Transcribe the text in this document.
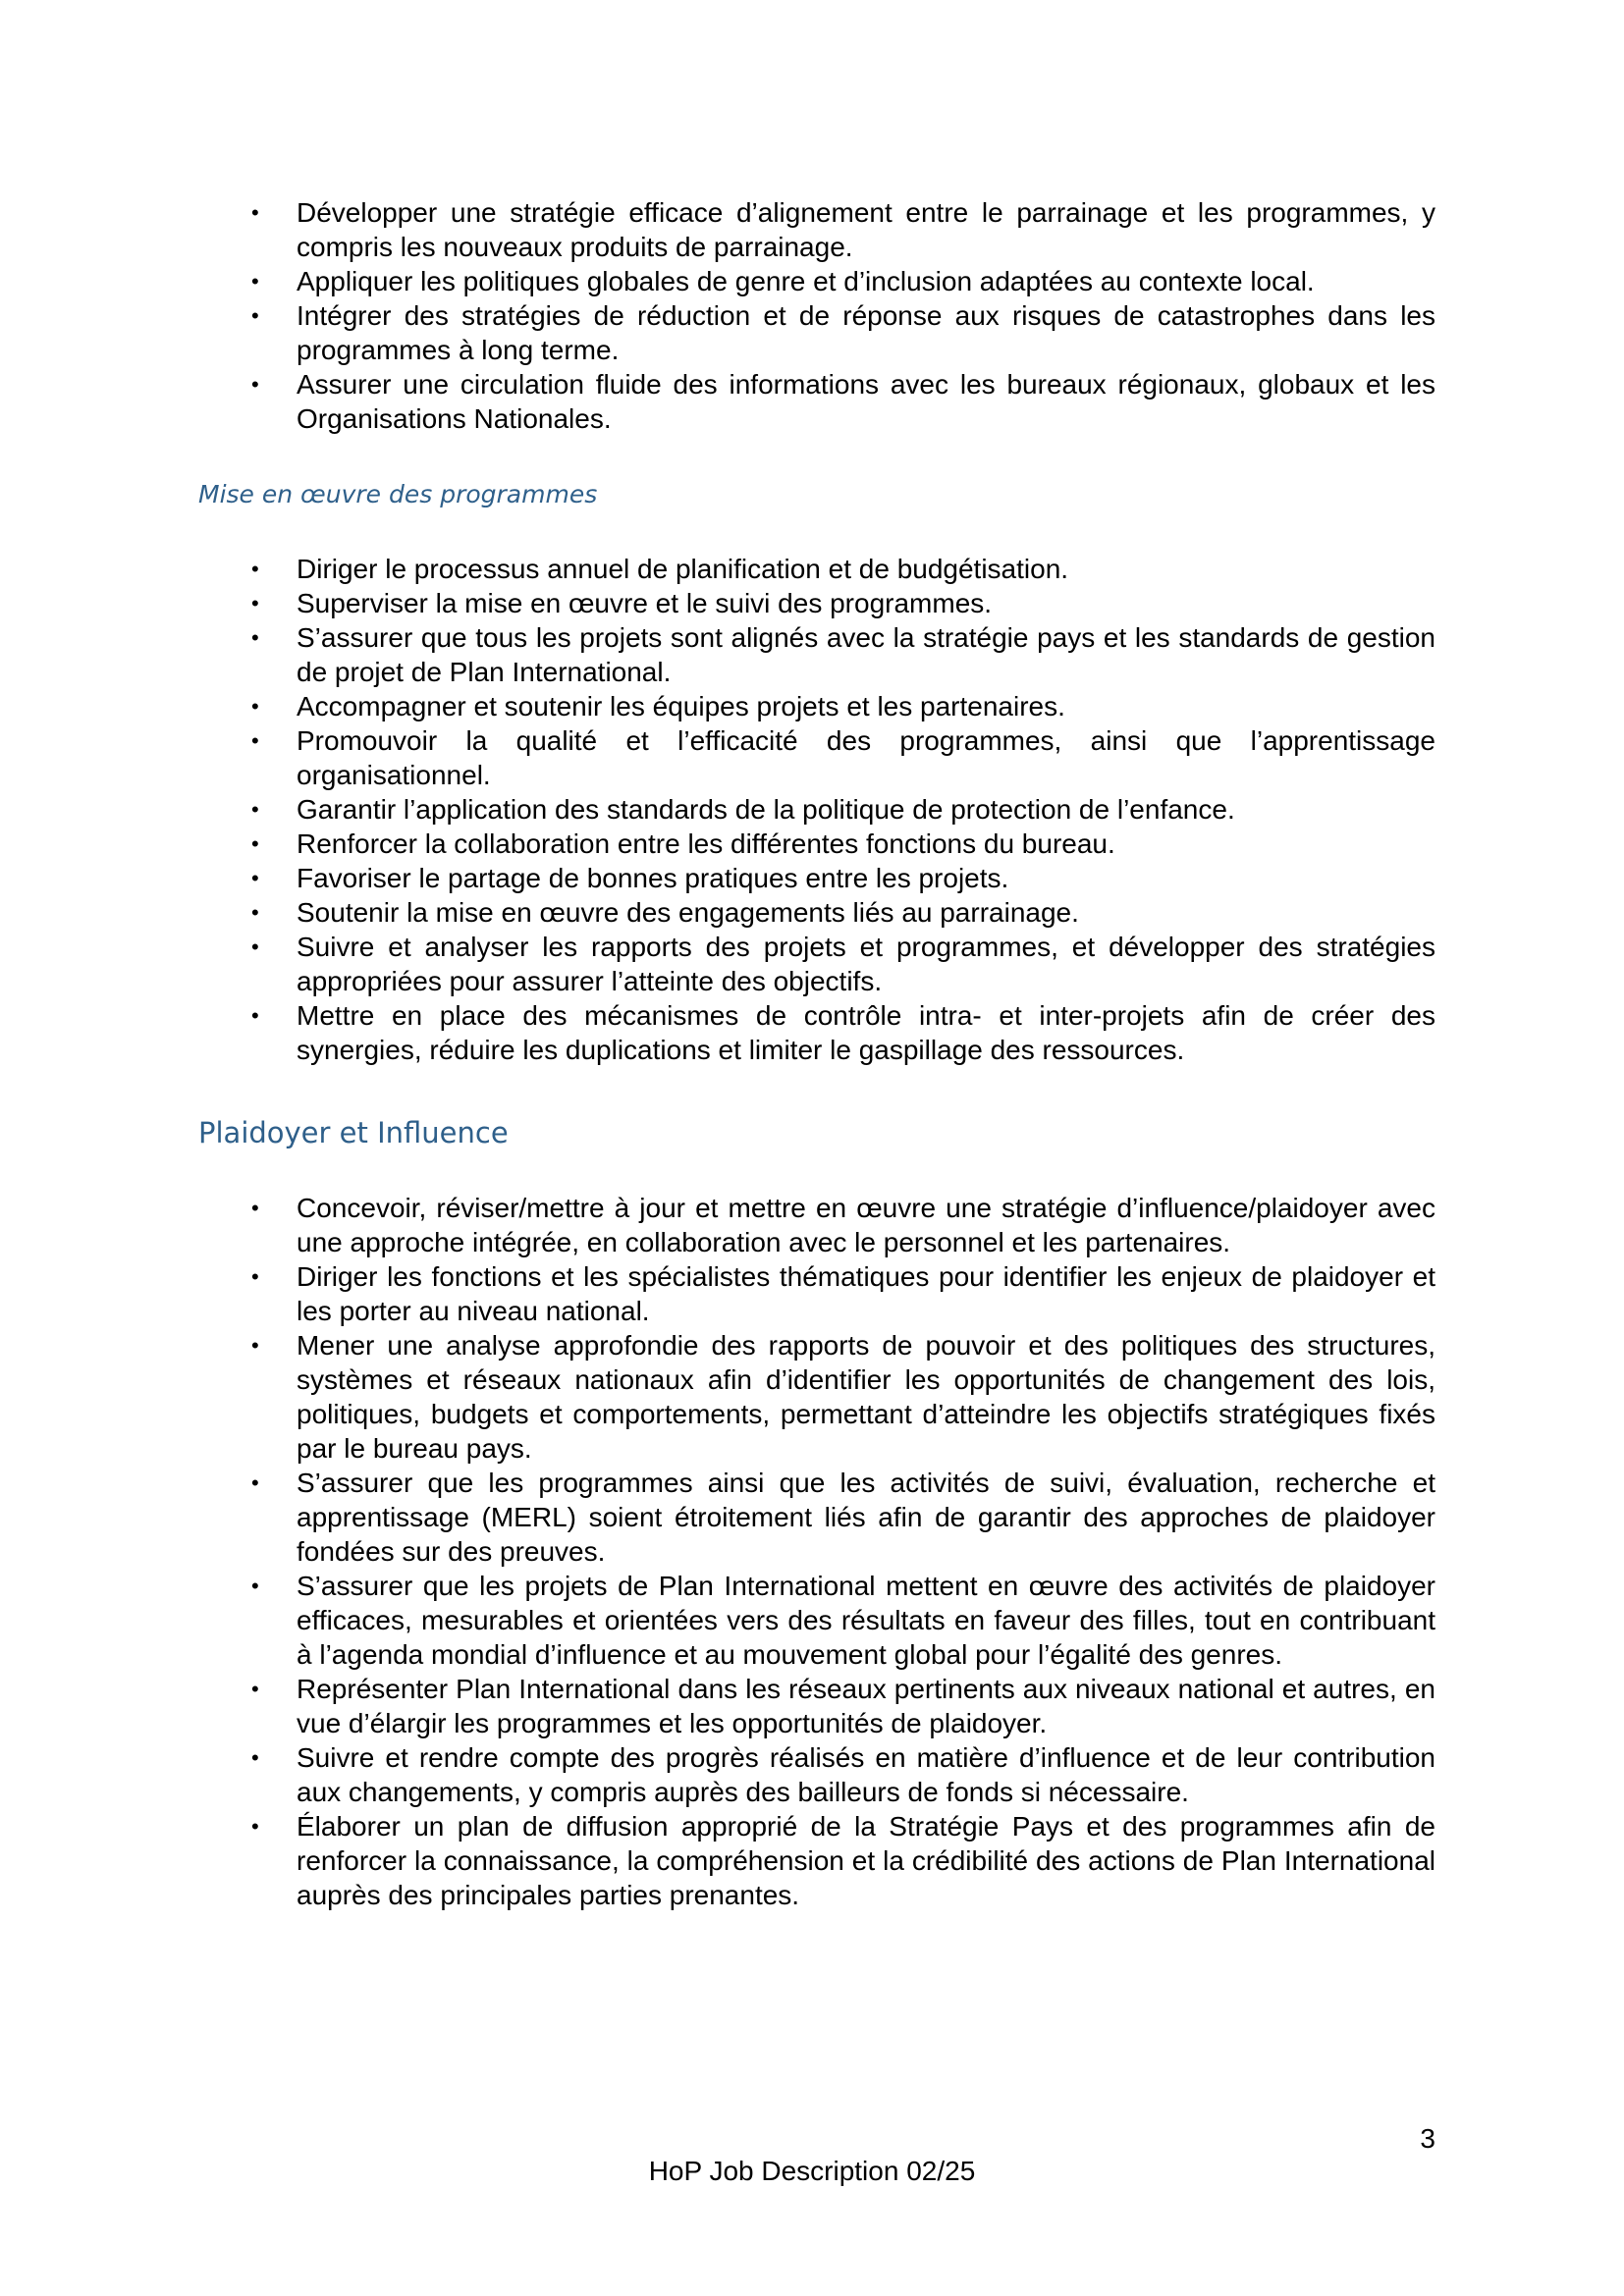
•	Développer une stratégie efficace d’alignement entre le parrainage et les programmes, y compris les nouveaux produits de parrainage.
•	Appliquer les politiques globales de genre et d’inclusion adaptées au contexte local.
•	Intégrer des stratégies de réduction et de réponse aux risques de catastrophes dans les programmes à long terme.
•	Assurer une circulation fluide des informations avec les bureaux régionaux, globaux et les Organisations Nationales.
Mise en œuvre des programmes
•	Diriger le processus annuel de planification et de budgétisation.
•	Superviser la mise en œuvre et le suivi des programmes.
•	S’assurer que tous les projets sont alignés avec la stratégie pays et les standards de gestion de projet de Plan International.
•	Accompagner et soutenir les équipes projets et les partenaires.
•	Promouvoir la qualité et l’efficacité des programmes, ainsi que l’apprentissage organisationnel.
•	Garantir l’application des standards de la politique de protection de l’enfance.
•	Renforcer la collaboration entre les différentes fonctions du bureau.
•	Favoriser le partage de bonnes pratiques entre les projets.
•	Soutenir la mise en œuvre des engagements liés au parrainage.
•	Suivre et analyser les rapports des projets et programmes, et développer des stratégies appropriées pour assurer l’atteinte des objectifs.
•	Mettre en place des mécanismes de contrôle intra- et inter-projets afin de créer des synergies, réduire les duplications et limiter le gaspillage des ressources.
Plaidoyer et Influence
•	Concevoir, réviser/mettre à jour et mettre en œuvre une stratégie d’influence/plaidoyer avec une approche intégrée, en collaboration avec le personnel et les partenaires.
•	Diriger les fonctions et les spécialistes thématiques pour identifier les enjeux de plaidoyer et les porter au niveau national.
•	Mener une analyse approfondie des rapports de pouvoir et des politiques des structures, systèmes et réseaux nationaux afin d’identifier les opportunités de changement des lois, politiques, budgets et comportements, permettant d’atteindre les objectifs stratégiques fixés par le bureau pays.
•	S’assurer que les programmes ainsi que les activités de suivi, évaluation, recherche et apprentissage (MERL) soient étroitement liés afin de garantir des approches de plaidoyer fondées sur des preuves.
•	S’assurer que les projets de Plan International mettent en œuvre des activités de plaidoyer efficaces, mesurables et orientées vers des résultats en faveur des filles, tout en contribuant à l’agenda mondial d’influence et au mouvement global pour l’égalité des genres.
•	Représenter Plan International dans les réseaux pertinents aux niveaux national et autres, en vue d’élargir les programmes et les opportunités de plaidoyer.
•	Suivre et rendre compte des progrès réalisés en matière d’influence et de leur contribution aux changements, y compris auprès des bailleurs de fonds si nécessaire.
•	Élaborer un plan de diffusion approprié de la Stratégie Pays et des programmes afin de renforcer la connaissance, la compréhension et la crédibilité des actions de Plan International auprès des principales parties prenantes.
3
HoP Job Description 02/25
